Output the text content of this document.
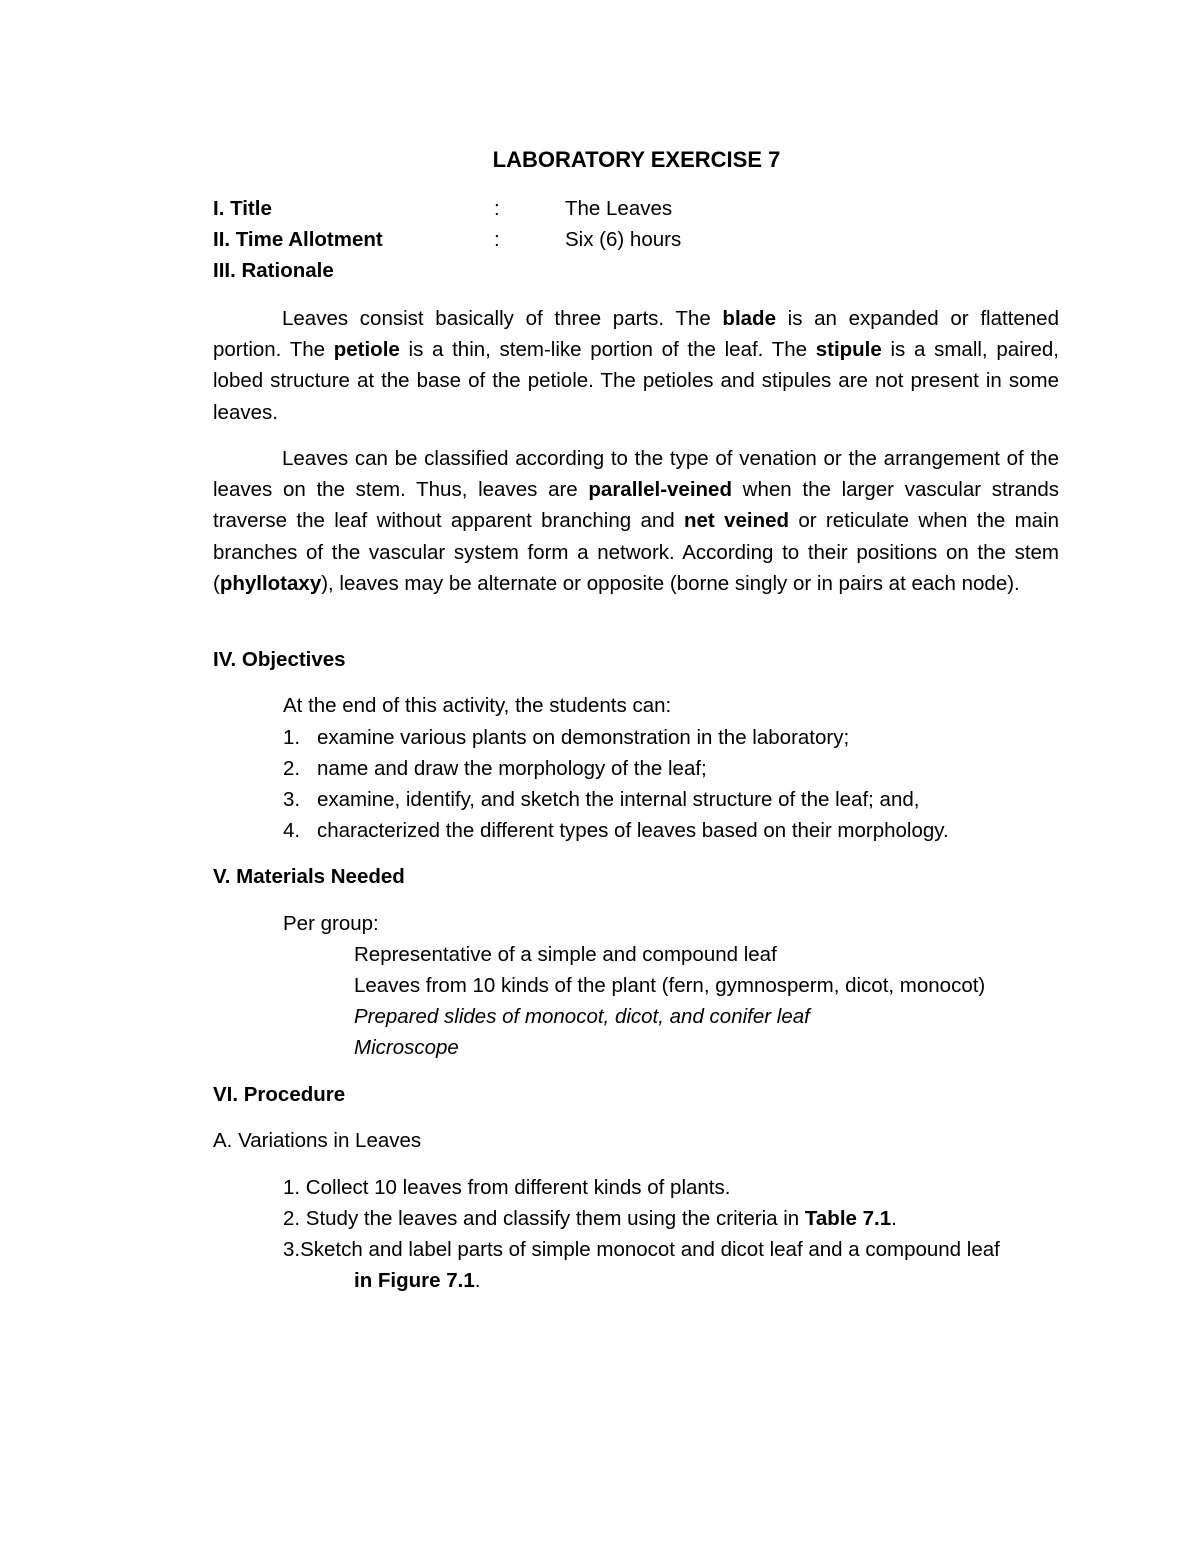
LABORATORY EXERCISE 7
I. Title	:	The Leaves
II. Time Allotment	:	Six (6) hours
III. Rationale
Leaves consist basically of three parts. The blade is an expanded or flattened portion. The petiole is a thin, stem-like portion of the leaf. The stipule is a small, paired, lobed structure at the base of the petiole. The petioles and stipules are not present in some leaves.
Leaves can be classified according to the type of venation or the arrangement of the leaves on the stem. Thus, leaves are parallel-veined when the larger vascular strands traverse the leaf without apparent branching and net veined or reticulate when the main branches of the vascular system form a network. According to their positions on the stem (phyllotaxy), leaves may be alternate or opposite (borne singly or in pairs at each node).
IV. Objectives
At the end of this activity, the students can:
1. examine various plants on demonstration in the laboratory;
2. name and draw the morphology of the leaf;
3. examine, identify, and sketch the internal structure of the leaf; and,
4. characterized the different types of leaves based on their morphology.
V. Materials Needed
Per group:
Representative of a simple and compound leaf
Leaves from 10 kinds of the plant (fern, gymnosperm, dicot, monocot)
Prepared slides of monocot, dicot, and conifer leaf
Microscope
VI. Procedure
A. Variations in Leaves
1. Collect 10 leaves from different kinds of plants.
2. Study the leaves and classify them using the criteria in Table 7.1.
3.Sketch and label parts of simple monocot and dicot leaf and a compound leaf
in Figure 7.1.
